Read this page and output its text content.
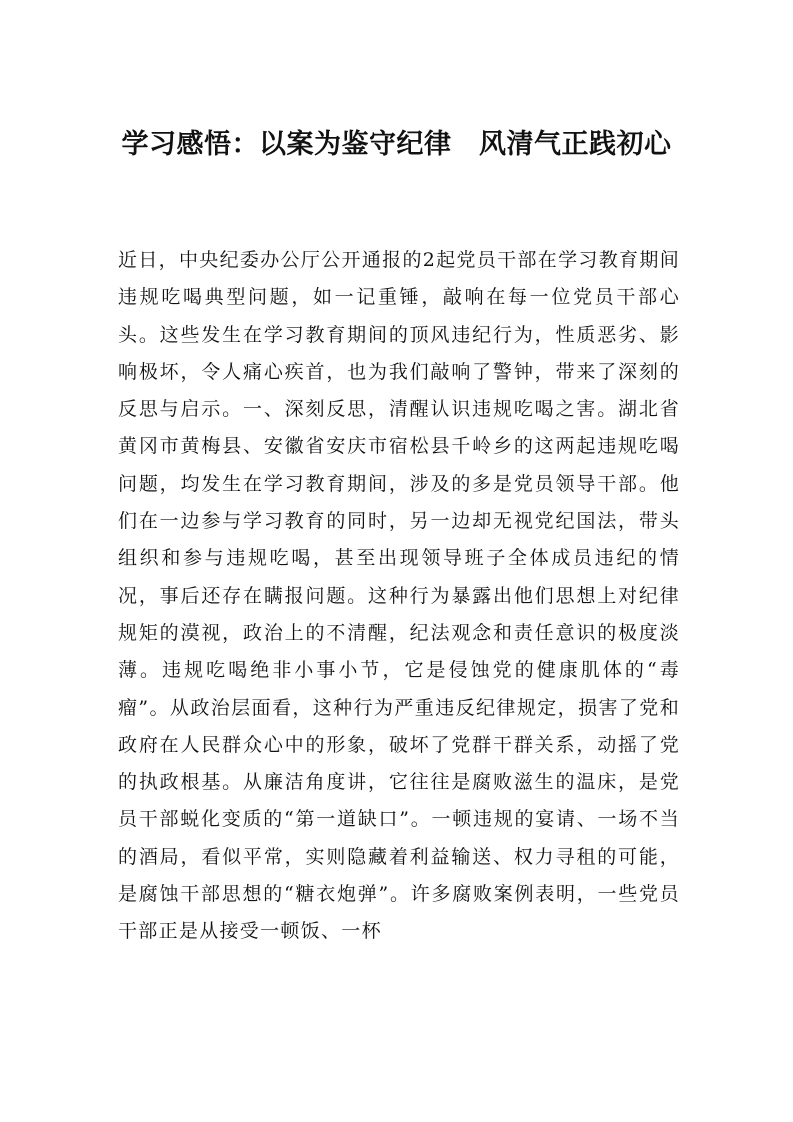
学习感悟：以案为鉴守纪律　风清气正践初心

近日，中央纪委办公厅公开通报的2起党员干部在学习教育期间违规吃喝典型问题，如一记重锤，敲响在每一位党员干部心头。这些发生在学习教育期间的顶风违纪行为，性质恶劣、影响极坏，令人痛心疾首，也为我们敲响了警钟，带来了深刻的反思与启示。一、深刻反思，清醒认识违规吃喝之害。湖北省黄冈市黄梅县、安徽省安庆市宿松县千岭乡的这两起违规吃喝问题，均发生在学习教育期间，涉及的多是党员领导干部。他们在一边参与学习教育的同时，另一边却无视党纪国法，带头组织和参与违规吃喝，甚至出现领导班子全体成员违纪的情况，事后还存在瞒报问题。这种行为暴露出他们思想上对纪律规矩的漠视，政治上的不清醒，纪法观念和责任意识的极度淡薄。违规吃喝绝非小事小节，它是侵蚀党的健康肌体的“毒瘤”。从政治层面看，这种行为严重违反纪律规定，损害了党和政府在人民群众心中的形象，破坏了党群干群关系，动摇了党的执政根基。从廉洁角度讲，它往往是腐败滋生的温床，是党员干部蜕化变质的“第一道缺口”。一顿违规的宴请、一场不当的酒局，看似平常，实则隐藏着利益输送、权力寻租的可能，是腐蚀干部思想的“糖衣炮弹”。许多腐败案例表明，一些党员干部正是从接受一顿饭、一杯
